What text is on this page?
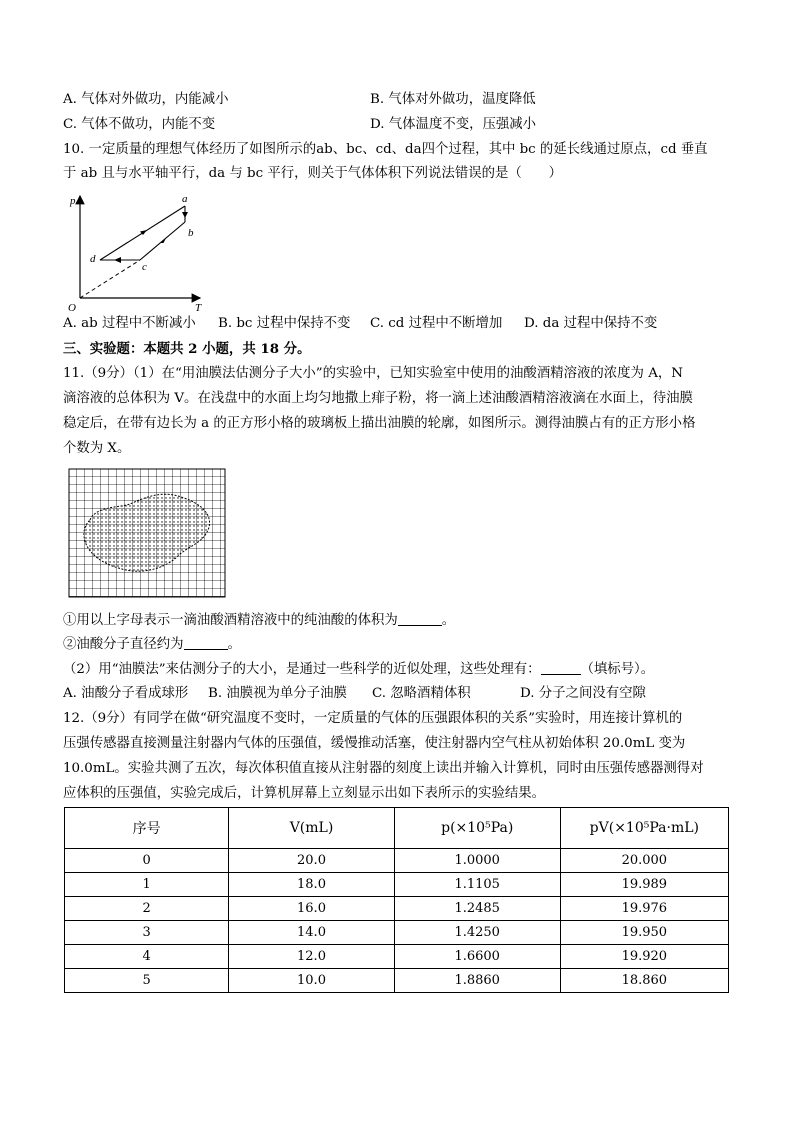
A. 气体对外做功，内能减小	B. 气体对外做功，温度降低
C. 气体不做功，内能不变	D. 气体温度不变，压强减小
10. 一定质量的理想气体经历了如图所示的ab、bc、cd、da四个过程，其中 bc 的延长线通过原点，cd 垂直
于 ab 且与水平轴平行，da 与 bc 平行，则关于气体体积下列说法错误的是（　　）
p
T
O
a
b
c
d
A. ab 过程中不断减小 B. bc 过程中保持不变 C. cd 过程中不断增加 D. da 过程中保持不变
三、实验题：本题共 2 小题，共 18 分。
11.（9分）（1）在“用油膜法估测分子大小”的实验中，已知实验室中使用的油酸酒精溶液的浓度为 A，N
滴溶液的总体积为 V。在浅盘中的水面上均匀地撒上痱子粉，将一滴上述油酸酒精溶液滴在水面上，待油膜
稳定后，在带有边长为 a 的正方形小格的玻璃板上描出油膜的轮廓，如图所示。测得油膜占有的正方形小格
个数为 X。
①用以上字母表示一滴油酸酒精溶液中的纯油酸的体积为	。
②油酸分子直径约为	。
（2）用“油膜法”来估测分子的大小，是通过一些科学的近似处理，这些处理有：	（填标号）。
A. 油酸分子看成球形 B. 油膜视为单分子油膜 C. 忽略酒精体积	D. 分子之间没有空隙
12.（9分）有同学在做“研究温度不变时，一定质量的气体的压强跟体积的关系”实验时，用连接计算机的
压强传感器直接测量注射器内气体的压强值，缓慢推动活塞，使注射器内空气柱从初始体积 20.0mL 变为
10.0mL。实验共测了五次，每次体积值直接从注射器的刻度上读出并输入计算机，同时由压强传感器测得对
应体积的压强值，实验完成后，计算机屏幕上立刻显示出如下表所示的实验结果。
序号	V(mL)	p(×10⁵Pa)	pV(×10⁵Pa·mL)
0	20.0	1.0000	20.000
1	18.0	1.1105	19.989
2	16.0	1.2485	19.976
3	14.0	1.4250	19.950
4	12.0	1.6600	19.920
5	10.0	1.8860	18.860
